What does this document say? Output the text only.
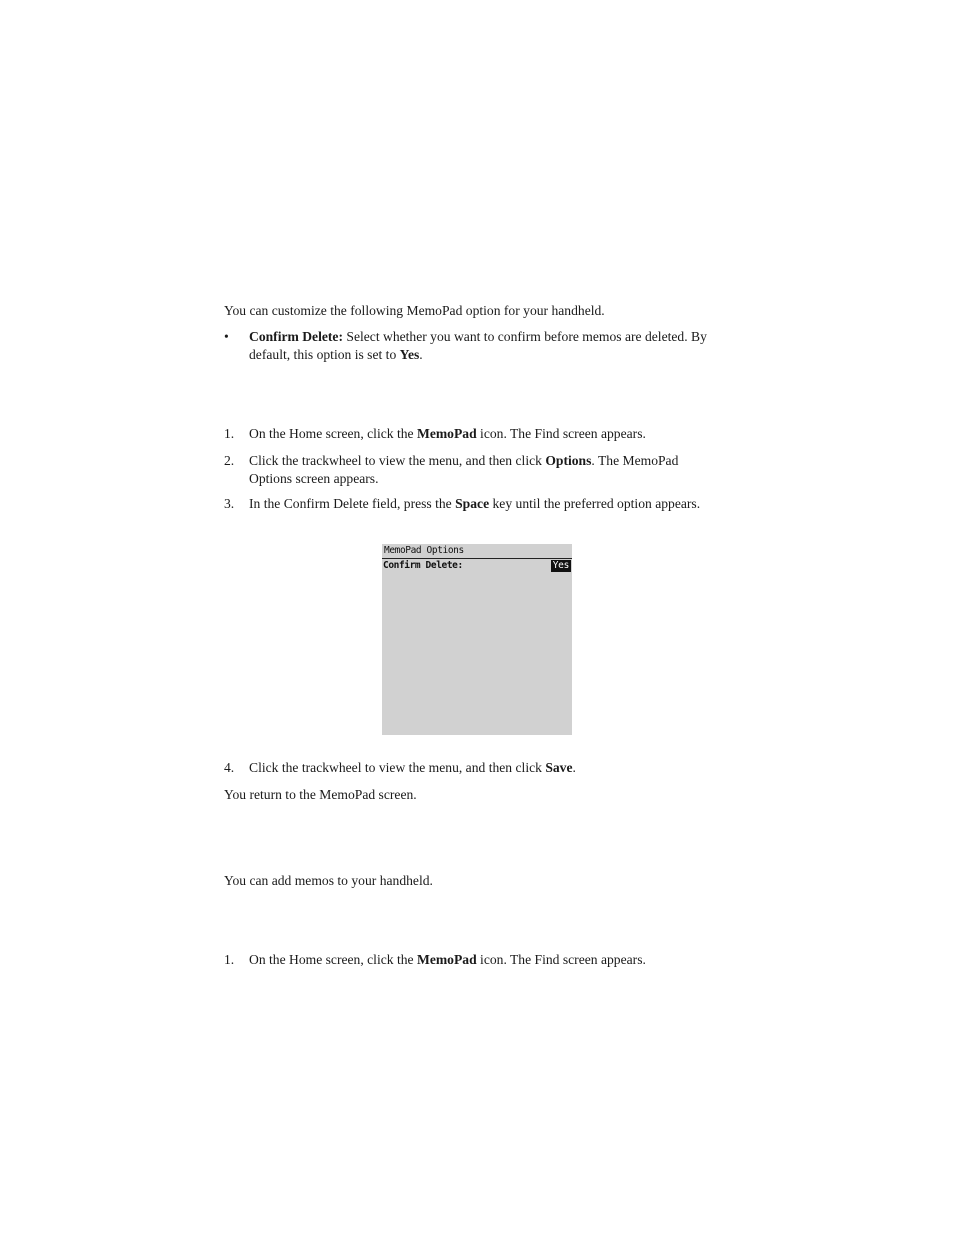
You can customize the following MemoPad option for your handheld.

• Confirm Delete: Select whether you want to confirm before memos are deleted. By default, this option is set to Yes.
1. On the Home screen, click the MemoPad icon. The Find screen appears.
2. Click the trackwheel to view the menu, and then click Options. The MemoPad Options screen appears.
3. In the Confirm Delete field, press the Space key until the preferred option appears.
MemoPad Options
Confirm Delete:	Yes
4. Click the trackwheel to view the menu, and then click Save.

You return to the MemoPad screen.

You can add memos to your handheld.

1. On the Home screen, click the MemoPad icon. The Find screen appears.
